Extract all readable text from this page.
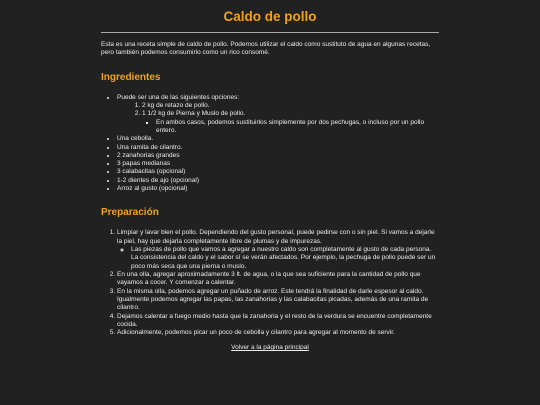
Caldo de pollo

Esta es una receta simple de caldo de pollo. Podemos utilizar el caldo como sustituto de agua en algunas recetas, pero también podemos consumirlo como un rico consomé.

Ingredientes
• Puede ser una de las siguientes opciones:
1. 2 kg de retazo de pollo.
2. 1 1/2 kg de Pierna y Muslo de pollo.
▪ En ambos casos, podemos sustituirlos simplemente por dos pechugas, o incluso por un pollo entero.
• Una cebolla.
• Una ramita de cilantro.
• 2 zanahorias grandes
• 3 papas medianas
• 3 calabacitas (opcional)
• 1-2 dientes de ajo (opcional)
• Arroz al gusto (opcional)
Preparación
1. Limpiar y lavar bien el pollo. Dependiendo del gusto personal, puede pedirse con o sin piel. Si vamos a dejarle la piel, hay que dejarla completamente libre de plumas y de impurezas.
◦ Las piezas de pollo que vamos a agregar a nuestro caldo son completamente al gusto de cada persona. La consistencia del caldo y el sabor sí se verán afectados. Por ejemplo, la pechuga de pollo puede ser un poco más seca que una pierna o muslo.
2. En una olla, agregar aproximadamente 3 lt. de agua, o la que sea suficiente para la cantidad de pollo que vayamos a cocer. Y comenzar a calentar.
3. En la misma olla, podemos agregar un puñado de arroz. Este tendrá la finalidad de darle espesor al caldo. Igualmente podemos agregar las papas, las zanahorias y las calabacitas picadas, además de una ramita de cilantro.
4. Dejamos calentar a fuego medio hasta que la zanahoria y el resto de la verdura se encuentre completamente cocida.
5. Adicionalmente, podemos picar un poco de cebolla y cilantro para agregar al momento de servir.
Volver a la página principal
